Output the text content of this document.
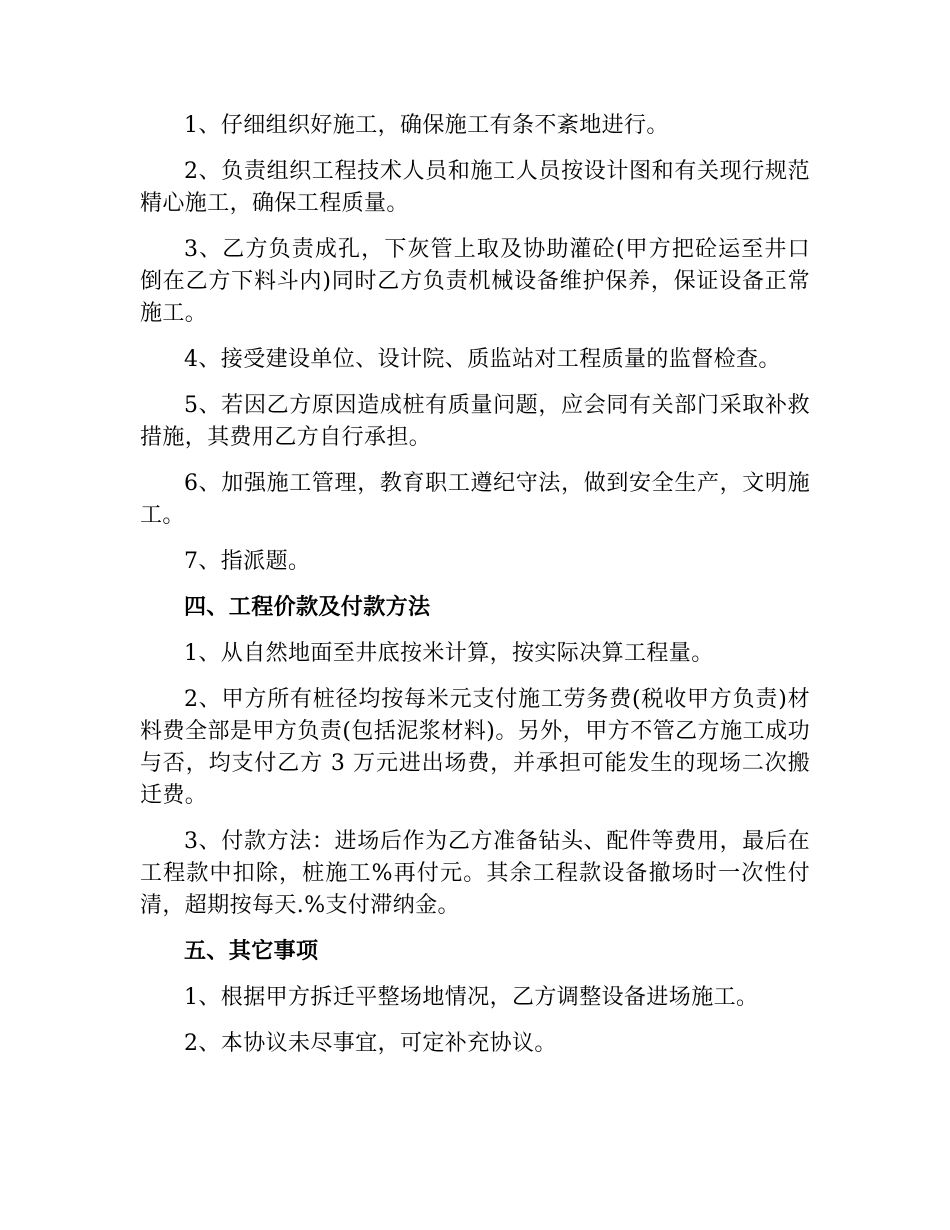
1、仔细组织好施工，确保施工有条不紊地进行。

2、负责组织工程技术人员和施工人员按设计图和有关现行规范精心施工，确保工程质量。

3、乙方负责成孔，下灰管上取及协助灌砼(甲方把砼运至井口倒在乙方下料斗内)同时乙方负责机械设备维护保养，保证设备正常施工。

4、接受建设单位、设计院、质监站对工程质量的监督检查。

5、若因乙方原因造成桩有质量问题，应会同有关部门采取补救措施，其费用乙方自行承担。

6、加强施工管理，教育职工遵纪守法，做到安全生产，文明施工。

7、指派题。

四、工程价款及付款方法

1、从自然地面至井底按米计算，按实际决算工程量。

2、甲方所有桩径均按每米元支付施工劳务费(税收甲方负责)材料费全部是甲方负责(包括泥浆材料)。另外，甲方不管乙方施工成功与否，均支付乙方 3 万元进出场费，并承担可能发生的现场二次搬迁费。

3、付款方法：进场后作为乙方准备钻头、配件等费用，最后在工程款中扣除，桩施工%再付元。其余工程款设备撤场时一次性付清，超期按每天.%支付滞纳金。

五、其它事项

1、根据甲方拆迁平整场地情况，乙方调整设备进场施工。

2、本协议未尽事宜，可定补充协议。
